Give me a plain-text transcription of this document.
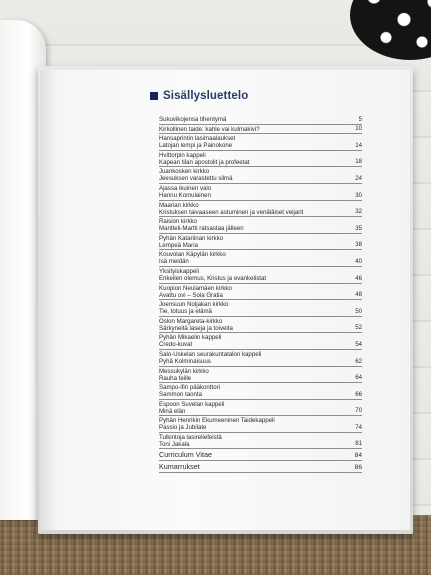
Sisällysluettelo
Sukuvikojensa tihentymä	5
Kirkollinen taide: kahle vai kulmakivi?	10
Hansaprintin lasimaalaukset
Latojan lempi ja Painokone	14
Hvittorpin kappeli
Kapean tilan apostolit ja profeetat	18
Juankosken kirkko
Jeesuksen varastettu silmä	24
Ajassa ikuinen valo
Hannu Komulainen	30
Maarian kirkko
Kristuksen taivaaseen astuminen ja venäläiset veijarit	32
Raision kirkko
Mantteli-Martti ratsastaa jälleen	35
Pyhän Katariinan kirkko
Lempeä Maria	38
Kouvolan Käpylän kirkko
Isä meidän	40
Yksityiskappeli
Erikeilen olemus, Kristus ja evankelistat	46
Kuopion Neulamäen kirkko
Avattu ovi – Sola Gratia	48
Joensuun Noljakan kirkko
Tie, totuus ja elämä	50
Oslon Margareta-kirkko
Särkyneitä laseja ja toiveita	52
Pyhän Mikaelin kappeli
Credo-kuvat	54
Salo-Uskelan seurakuntatalon kappeli
Pyhä Kolminaisuus	62
Messukylän kirkko
Rauha teille	64
Sampo-ifin pääkonttori
Sammon taonta	66
Espoon Suvelan kappeli
Minä elän	70
Pyhän Henrikin Ekumeeninen Taidekappeli
Passio ja Jubilate	74
Tulkintoja lasireliefeistä
Toni Jakala	81
Curriculum Vitae	84
Kumarrukset	86
